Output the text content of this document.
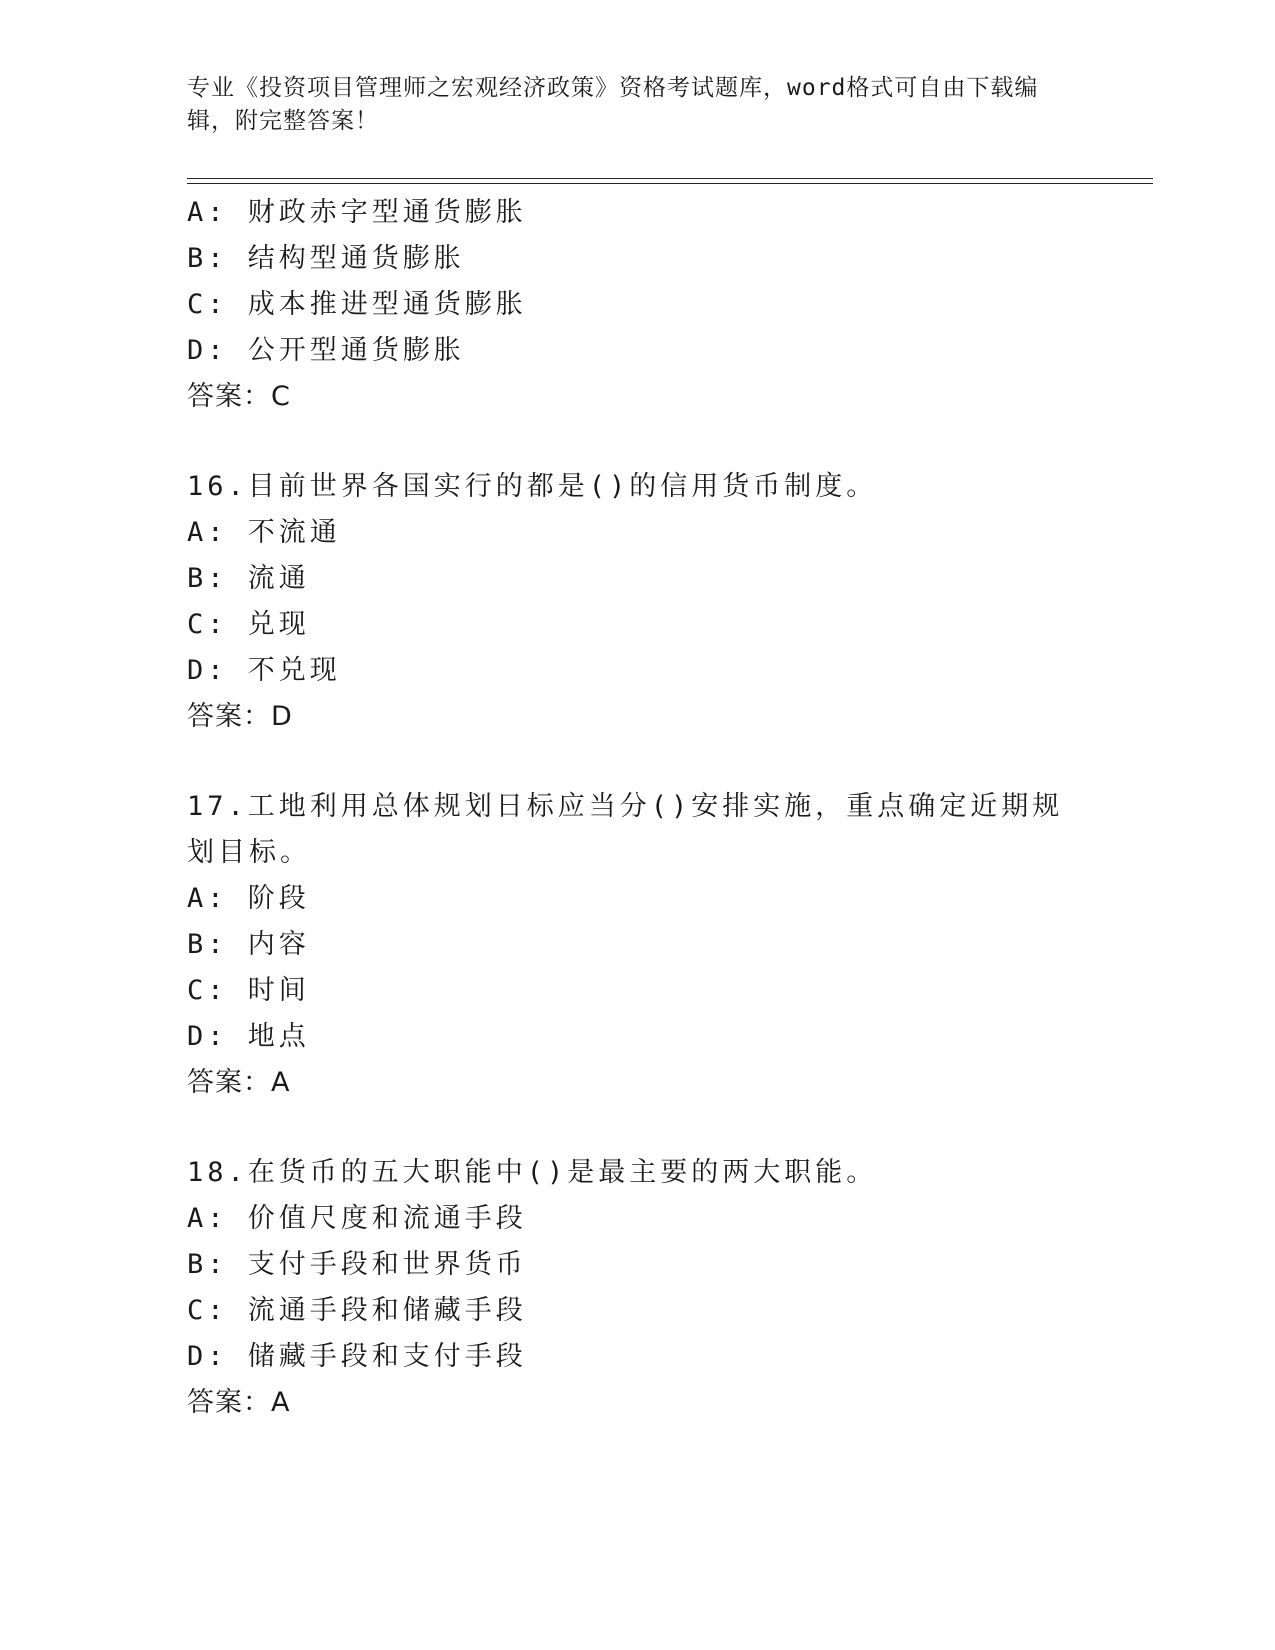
专业《投资项目管理师之宏观经济政策》资格考试题库，word格式可自由下载编辑，附完整答案！
A: 财政赤字型通货膨胀
B: 结构型通货膨胀
C: 成本推进型通货膨胀
D: 公开型通货膨胀
答案：C
16.目前世界各国实行的都是()的信用货币制度。
A: 不流通
B: 流通
C: 兑现
D: 不兑现
答案：D
17.工地利用总体规划日标应当分()安排实施，重点确定近期规划目标。
A: 阶段
B: 内容
C: 时间
D: 地点
答案：A
18.在货币的五大职能中()是最主要的两大职能。
A: 价值尺度和流通手段
B: 支付手段和世界货币
C: 流通手段和储藏手段
D: 储藏手段和支付手段
答案：A
